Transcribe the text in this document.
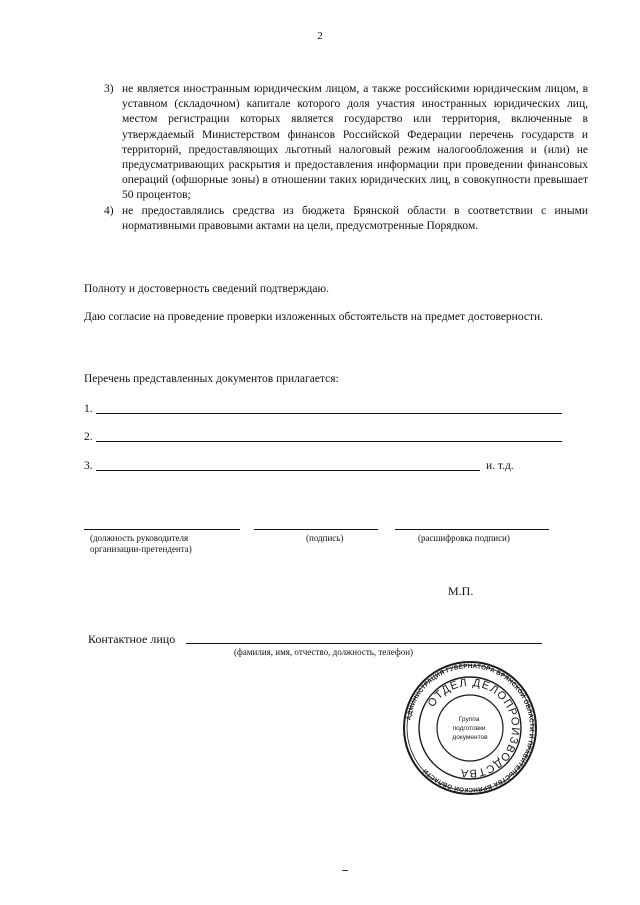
2
3) не является иностранным юридическим лицом, а также российскими юридическим лицом, в уставном (складочном) капитале которого доля участия иностранных юридических лиц, местом регистрации которых является государство или территория, включенные в утверждаемый Министерством финансов Российской Федерации перечень государств и территорий, предоставляющих льготный налоговый режим налогообложения и (или) не предусматривающих раскрытия и предоставления информации при проведении финансовых операций (офшорные зоны) в отношении таких юридических лиц, в совокупности превышает 50 процентов;
4) не предоставлялись средства из бюджета Брянской области в соответствии с иными нормативными правовыми актами на цели, предусмотренные Порядком.
Полноту и достоверность сведений подтверждаю.
Даю согласие на проведение проверки изложенных обстоятельств на предмет достоверности.
Перечень представленных документов прилагается:
1.
2.
3.	и. т.д.
(должность руководителя организации-претендента)
(подпись)	(расшифровка подписи)
М.П.
Контактное лицо
(фамилия, имя, отчество, должность, телефон)
АДМИНИСТРАЦИЯ ГУБЕРНАТОРА БРЯНСКОЙ ОБЛАСТИ И ПРАВИТЕЛЬСТВА БРЯНСКОЙ ОБЛАСТИ
ОТДЕЛ ДЕЛОПРОИЗВОДСТВА
Группа подготовки документов
